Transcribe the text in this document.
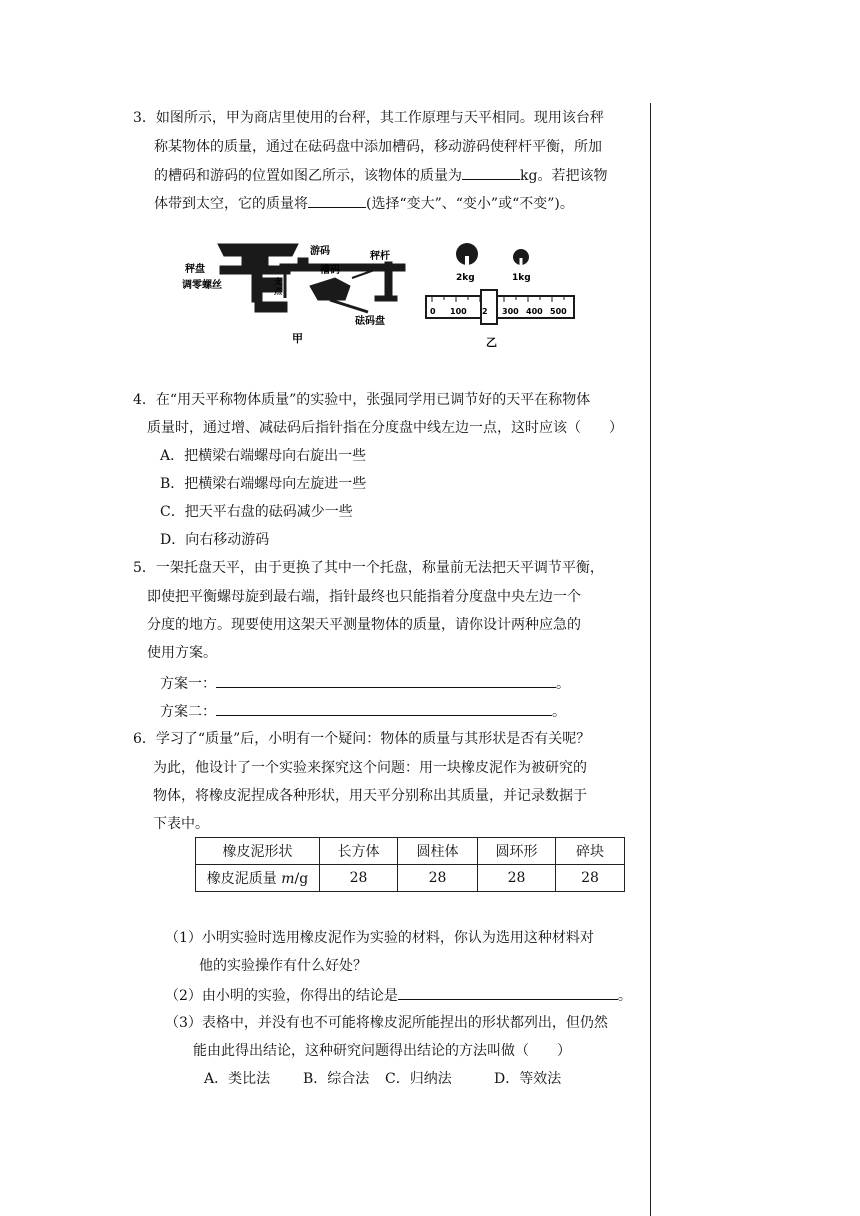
3．如图所示，甲为商店里使用的台秤，其工作原理与天平相同。现用该台秤
称某物体的质量，通过在砝码盘中添加槽码，移动游码使秤杆平衡，所加
的槽码和游码的位置如图乙所示，该物体的质量为	kg。若把该物
体带到太空，它的质量将	(选择“变大”、“变小”或“不变”)。
秤盘
调零螺丝
游码	秤杆
槽码
支
点
砝码盘
甲
2kg	1kg
0 100 2 300 400 500
乙
4．在“用天平称物体质量”的实验中，张强同学用已调节好的天平在称物体
质量时，通过增、减砝码后指针指在分度盘中线左边一点，这时应该（　　）
A．把横梁右端螺母向右旋出一些
B．把横梁右端螺母向左旋进一些
C．把天平右盘的砝码减少一些
D．向右移动游码
5．一架托盘天平，由于更换了其中一个托盘，称量前无法把天平调节平衡，
即使把平衡螺母旋到最右端，指针最终也只能指着分度盘中央左边一个
分度的地方。现要使用这架天平测量物体的质量，请你设计两种应急的
使用方案。
方案一：	。
方案二：	。
6．学习了“质量”后，小明有一个疑问：物体的质量与其形状是否有关呢？
为此，他设计了一个实验来探究这个问题：用一块橡皮泥作为被研究的
物体，将橡皮泥捏成各种形状，用天平分别称出其质量，并记录数据于
下表中。
橡皮泥形状	长方体	圆柱体	圆环形	碎块
橡皮泥质量 m/g	28	28	28	28
（1）小明实验时选用橡皮泥作为实验的材料，你认为选用这种材料对
他的实验操作有什么好处？
（2）由小明的实验，你得出的结论是	。
（3）表格中，并没有也不可能将橡皮泥所能捏出的形状都列出，但仍然
能由此得出结论，这种研究问题得出结论的方法叫做（　　）
A．类比法 B．综合法 C．归纳法	D．等效法
